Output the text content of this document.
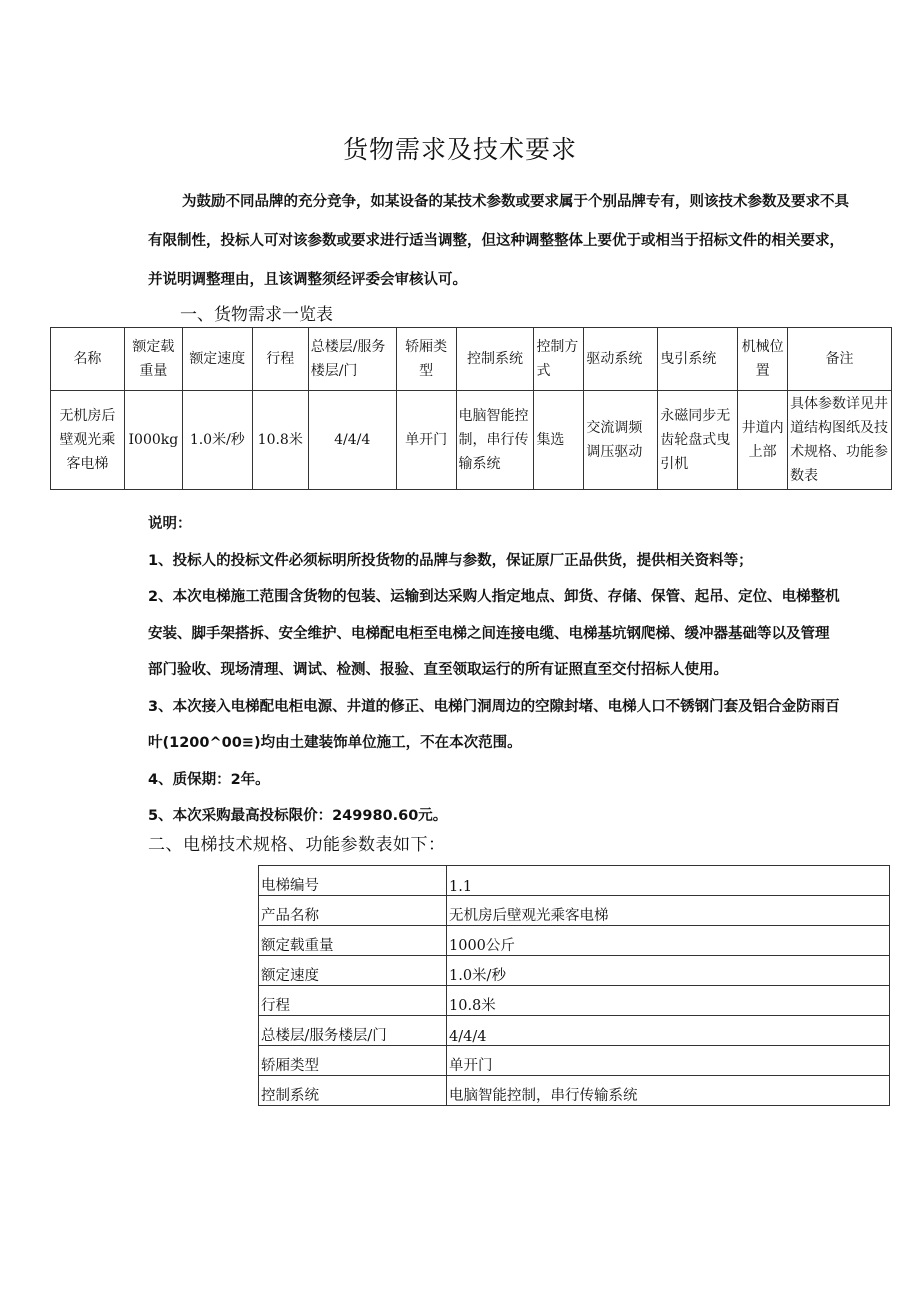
货物需求及技术要求
为鼓励不同品牌的充分竞争，如某设备的某技术参数或要求属于个别品牌专有，则该技术参数及要求不具
有限制性，投标人可对该参数或要求进行适当调整，但这种调整整体上要优于或相当于招标文件的相关要求，
并说明调整理由，且该调整须经评委会审核认可。
一、货物需求一览表
名称	额定载重量	额定速度	行程	总楼层/服务楼层/门	轿厢类型	控制系统	控制方式	驱动系统	曳引系统	机械位置	备注
无机房后壁观光乘客电梯	I000kg	1.0米/秒	10.8米	4/4/4	单开门	电脑智能控制，串行传输系统	集选	交流调频调压驱动	永磁同步无齿轮盘式曳引机	井道内上部	具体参数详见井道结构图纸及技术规格、功能参数表
说明：
1、投标人的投标文件必须标明所投货物的品牌与参数，保证原厂正品供货，提供相关资料等；
2、本次电梯施工范围含货物的包装、运输到达采购人指定地点、卸货、存储、保管、起吊、定位、电梯整机
安装、脚手架搭拆、安全维护、电梯配电柜至电梯之间连接电缆、电梯基坑钢爬梯、缓冲器基础等以及管理
部门验收、现场清理、调试、检测、报验、直至领取运行的所有证照直至交付招标人使用。
3、本次接入电梯配电柜电源、井道的修正、电梯门洞周边的空隙封堵、电梯人口不锈钢门套及铝合金防雨百
叶(1200^00≡)均由土建装饰单位施工，不在本次范围。
4、质保期：2年。
5、本次采购最高投标限价：249980.60元。
二、电梯技术规格、功能参数表如下：
电梯编号	1.1
产品名称	无机房后壁观光乘客电梯
额定载重量	1000公斤
额定速度	1.0米/秒
行程	10.8米
总楼层/服务楼层/门	4/4/4
轿厢类型	单开门
控制系统	电脑智能控制，串行传输系统
